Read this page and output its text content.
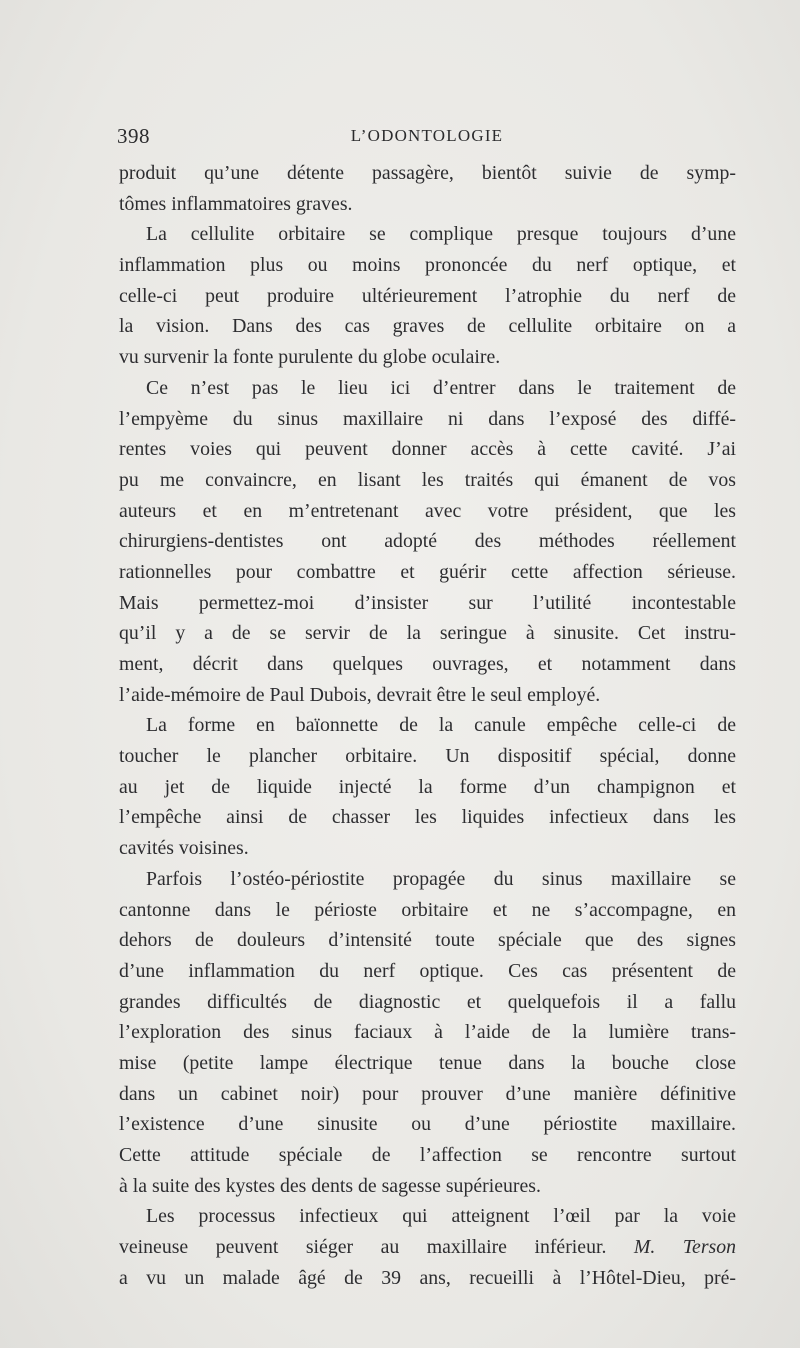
398	L’ODONTOLOGIE
produit qu’une détente passagère, bientôt suivie de symp-
tômes inflammatoires graves.
La cellulite orbitaire se complique presque toujours d’une
inflammation plus ou moins prononcée du nerf optique, et
celle-ci peut produire ultérieurement l’atrophie du nerf de
la vision. Dans des cas graves de cellulite orbitaire on a
vu survenir la fonte purulente du globe oculaire.
Ce n’est pas le lieu ici d’entrer dans le traitement de
l’empyème du sinus maxillaire ni dans l’exposé des diffé-
rentes voies qui peuvent donner accès à cette cavité. J’ai
pu me convaincre, en lisant les traités qui émanent de vos
auteurs et en m’entretenant avec votre président, que les
chirurgiens-dentistes ont adopté des méthodes réellement
rationnelles pour combattre et guérir cette affection sérieuse.
Mais permettez-moi d’insister sur l’utilité incontestable
qu’il y a de se servir de la seringue à sinusite. Cet instru-
ment, décrit dans quelques ouvrages, et notamment dans
l’aide-mémoire de Paul Dubois, devrait être le seul employé.
La forme en baïonnette de la canule empêche celle-ci de
toucher le plancher orbitaire. Un dispositif spécial, donne
au jet de liquide injecté la forme d’un champignon et
l’empêche ainsi de chasser les liquides infectieux dans les
cavités voisines.
Parfois l’ostéo-périostite propagée du sinus maxillaire se
cantonne dans le périoste orbitaire et ne s’accompagne, en
dehors de douleurs d’intensité toute spéciale que des signes
d’une inflammation du nerf optique. Ces cas présentent de
grandes difficultés de diagnostic et quelquefois il a fallu
l’exploration des sinus faciaux à l’aide de la lumière trans-
mise (petite lampe électrique tenue dans la bouche close
dans un cabinet noir) pour prouver d’une manière définitive
l’existence d’une sinusite ou d’une périostite maxillaire.
Cette attitude spéciale de l’affection se rencontre surtout
à la suite des kystes des dents de sagesse supérieures.
Les processus infectieux qui atteignent l’œil par la voie
veineuse peuvent siéger au maxillaire inférieur. M. Terson
a vu un malade âgé de 39 ans, recueilli à l’Hôtel-Dieu, pré-
